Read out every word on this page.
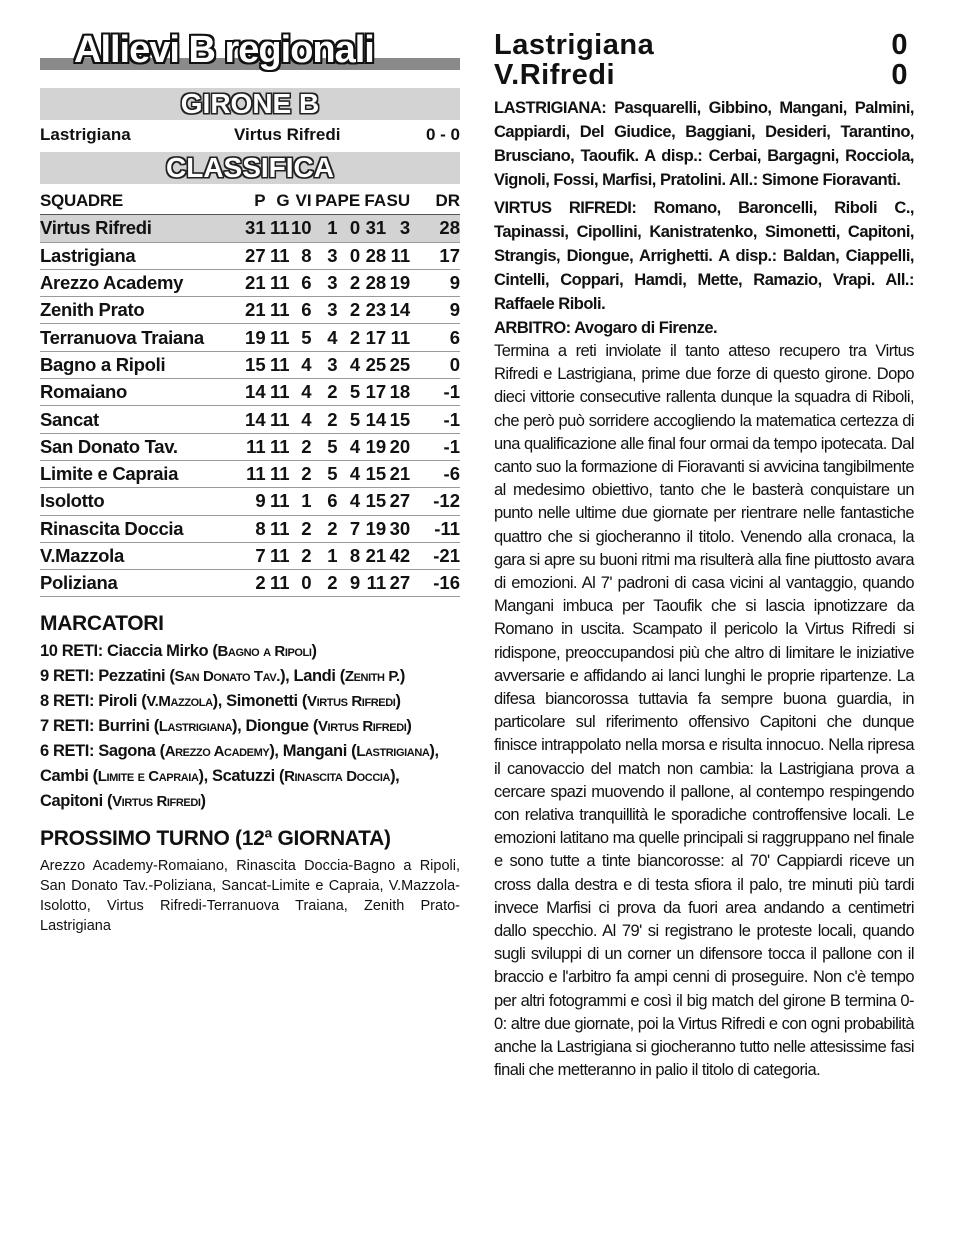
Allievi B regionali
GIRONE B
Lastrigiana	Virtus Rifredi	0 - 0
CLASSIFICA
SQUADRE	P	G	VI	PA	PE	FA	SU	DR
Virtus Rifredi	31	11	10	1	0	31	3	28
Lastrigiana	27	11	8	3	0	28	11	17
Arezzo Academy	21	11	6	3	2	28	19	9
Zenith Prato	21	11	6	3	2	23	14	9
Terranuova Traiana	19	11	5	4	2	17	11	6
Bagno a Ripoli	15	11	4	3	4	25	25	0
Romaiano	14	11	4	2	5	17	18	-1
Sancat	14	11	4	2	5	14	15	-1
San Donato Tav.	11	11	2	5	4	19	20	-1
Limite e Capraia	11	11	2	5	4	15	21	-6
Isolotto	9	11	1	6	4	15	27	-12
Rinascita Doccia	8	11	2	2	7	19	30	-11
V.Mazzola	7	11	2	1	8	21	42	-21
Poliziana	2	11	0	2	9	11	27	-16
MARCATORI
10 RETI: Ciaccia Mirko (Bagno a Ripoli)
9 RETI: Pezzatini (San Donato Tav.), Landi (Zenith P.)
8 RETI: Piroli (V.Mazzola), Simonetti (Virtus Rifredi)
7 RETI: Burrini (Lastrigiana), Diongue (Virtus Rifredi)
6 RETI: Sagona (Arezzo Academy), Mangani (Lastrigiana), Cambi (Limite e Capraia), Scatuzzi (Rinascita Doccia), Capitoni (Virtus Rifredi)
PROSSIMO TURNO (12ª GIORNATA)
Arezzo Academy-Romaiano, Rinascita Doccia-Bagno a Ripoli, San Donato Tav.-Poliziana, Sancat-Limite e Capraia, V.Mazzola-Isolotto, Virtus Rifredi-Terranuova Traiana, Zenith Prato-Lastrigiana
Lastrigiana	0
V.Rifredi	0
LASTRIGIANA: Pasquarelli, Gibbino, Mangani, Palmini, Cappiardi, Del Giudice, Baggiani, Desideri, Tarantino, Brusciano, Taoufik. A disp.: Cerbai, Bargagni, Rocciola, Vignoli, Fossi, Marfisi, Pratolini. All.: Simone Fioravanti.
VIRTUS RIFREDI: Romano, Baroncelli, Riboli C., Tapinassi, Cipollini, Kanistratenko, Simonetti, Capitoni, Strangis, Diongue, Arrighetti. A disp.: Baldan, Ciappelli, Cintelli, Coppari, Hamdi, Mette, Ramazio, Vrapi. All.: Raffaele Riboli.
ARBITRO: Avogaro di Firenze.
Termina a reti inviolate il tanto atteso recupero tra Virtus Rifredi e Lastrigiana, prime due forze di questo girone. Dopo dieci vittorie consecutive rallenta dunque la squadra di Riboli, che però può sorridere accogliendo la matematica certezza di una qualificazione alle final four ormai da tempo ipotecata. Dal canto suo la formazione di Fioravanti si avvicina tangibilmente al medesimo obiettivo, tanto che le basterà conquistare un punto nelle ultime due giornate per rientrare nelle fantastiche quattro che si giocheranno il titolo. Venendo alla cronaca, la gara si apre su buoni ritmi ma risulterà alla fine piuttosto avara di emozioni. Al 7' padroni di casa vicini al vantaggio, quando Mangani imbuca per Taoufik che si lascia ipnotizzare da Romano in uscita. Scampato il pericolo la Virtus Rifredi si ridispone, preoccupandosi più che altro di limitare le iniziative avversarie e affidando ai lanci lunghi le proprie ripartenze. La difesa biancorossa tuttavia fa sempre buona guardia, in particolare sul riferimento offensivo Capitoni che dunque finisce intrappolato nella morsa e risulta innocuo. Nella ripresa il canovaccio del match non cambia: la Lastrigiana prova a cercare spazi muovendo il pallone, al contempo respingendo con relativa tranquillità le sporadiche controffensive locali. Le emozioni latitano ma quelle principali si raggruppano nel finale e sono tutte a tinte biancorosse: al 70' Cappiardi riceve un cross dalla destra e di testa sfiora il palo, tre minuti più tardi invece Marfisi ci prova da fuori area andando a centimetri dallo specchio. Al 79' si registrano le proteste locali, quando sugli sviluppi di un corner un difensore tocca il pallone con il braccio e l'arbitro fa ampi cenni di proseguire. Non c'è tempo per altri fotogrammi e così il big match del girone B termina 0-0: altre due giornate, poi la Virtus Rifredi e con ogni probabilità anche la Lastrigiana si giocheranno tutto nelle attesissime fasi finali che metteranno in palio il titolo di categoria.
